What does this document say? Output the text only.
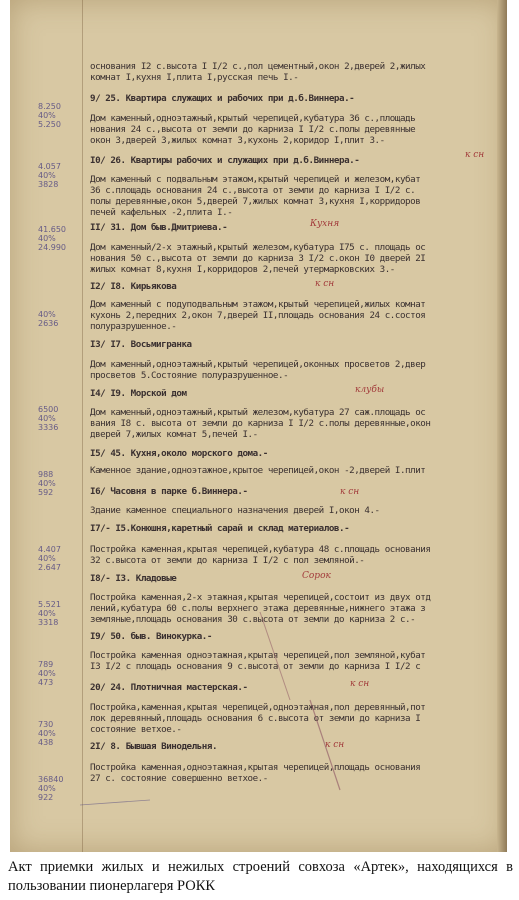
основания I2 с.высота I I/2 с.,пол цементный,окон 2,дверей 2,жилых
комнат I,кухня I,плита I,русская печь I.-
9/ 25. Квартира служащих и рабочих при д.б.Виннера.-
Дом каменный,одноэтажный,крытый черепицей,кубатура 36 с.,площадь
нования 24 с.,высота от земли до карниза I I/2 с.полы деревянные
окон 3,дверей 3,жилых комнат 3,кухонь 2,коридор I,плит 3.-
I0/ 26. Квартиры рабочих и служащих при д.б.Виннера.-
Дом каменный с подвальным этажом,крытый черепицей и железом,кубат
36 с.площадь основания 24 с.,высота от земли до карниза I I/2 с.
полы деревянные,окон 5,дверей 7,жилых комнат 3,кухня I,корридоров
печей кафельных -2,плита I.-
II/ 31. Дом быв.Дмитриева.-
Дом каменный/2-х этажный,крытый железом,кубатура I75 с. площадь ос
нования 50 с.,высота от земли до карниза 3 I/2 с.окон I0 дверей 2I
жилых комнат 8,кухня I,корридоров 2,печей утермарковских 3.-
I2/ I8. Кирьякова
Дом каменный с подуподвальным этажом,крытый черепицей,жилых комнат
кухонь 2,передних 2,окон 7,дверей II,площадь основания 24 с.состоя
полуразрушенное.-
I3/ I7. Восьмигранка
Дом каменный,одноэтажный,крытый черепицей,оконных просветов 2,двер
просветов 5.Состояние полуразрушенное.-
I4/ I9. Морской дом
Дом каменный,одноэтажный,крытый железом,кубатура 27 саж.площадь ос
вания I8 с. высота от земли до карниза I I/2 с.полы деревянные,окон
дверей 7,жилых комнат 5,печей I.-
I5/ 45. Кухня,около морского дома.-
Каменное здание,одноэтажное,крытое черепицей,окон -2,дверей I.плит
I6/ Часовня в парке б.Виннера.-
Здание каменное специального назначения дверей I,окон 4.-
I7/- I5.Конюшня,каретный сарай и склад материалов.-
Постройка каменная,крытая черепицей,кубатура 48 с.площадь основания
32 с.высота от земли до карниза I I/2 с пол земляной.-
I8/- I3. Кладовые
Постройка каменная,2-х этажная,крытая черепицей,состоит из двух отд
лений,кубатура 60 с.полы верхнего этажа деревянные,нижнего этажа з
земляные,площадь основания 30 с.высота от земли до карниза 2 с.-
I9/ 50. быв. Винокурка.-
Постройка каменная одноэтажная,крытая черепицей,пол земляной,кубат
I3 I/2 с площадь основания 9 с.высота от земли до карниза I I/2 с
20/ 24. Плотничная мастерская.-
Постройка,каменная,крытая черепицей,одноэтажная,пол деревянный,пот
лок деревянный,площадь основания 6 с.высота от земли до карниза I
состояние ветхое.-
2I/ 8. Бывшая Винодельня.
Постройка каменная,одноэтажная,крытая черепицей,площадь основания
27 с. состояние совершенно ветхое.-
8.250
40%
5.250
4.057
40%
3828
41.650
40%
24.990
40%
2636
6500
40%
3336
988
40%
592
4.407
40%
2.647
5.521
40%
3318
789
40%
473
730
40%
438
36840
40%
922
к сн
Кухня
к сн
клубы
к сн
Сорок
к сн
к сн
Акт приемки жилых и нежилых строений совхоза «Артек», находящихся в пользовании пионерлагеря РОКК
